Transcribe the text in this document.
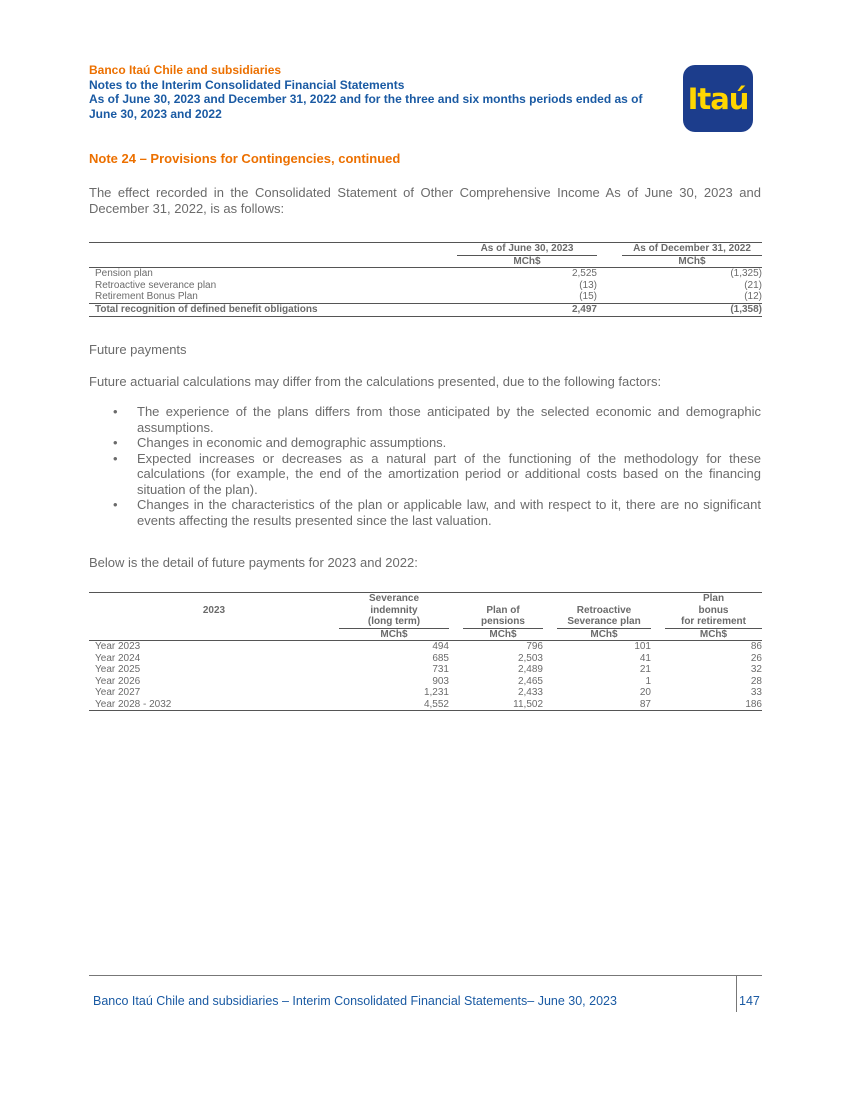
Banco Itaú Chile and subsidiaries
Notes to the Interim Consolidated Financial Statements
As of June 30, 2023 and December 31, 2022 and for the three and six months periods ended as of
June 30, 2023 and 2022	Itaú
Note 24 – Provisions for Contingencies, continued
The effect recorded in the Consolidated Statement of Other Comprehensive Income As of June 30, 2023 and December 31, 2022, is as follows:
	As of June 30, 2023		As of December 31, 2022
	MCh$		MCh$
Pension plan	2,525		(1,325)
Retroactive severance plan	(13)		(21)
Retirement Bonus Plan	(15)		(12)
Total recognition of defined benefit obligations	2,497		(1,358)
Future payments
Future actuarial calculations may differ from the calculations presented, due to the following factors:
• The experience of the plans differs from those anticipated by the selected economic and demographic assumptions.
• Changes in economic and demographic assumptions.
• Expected increases or decreases as a natural part of the functioning of the methodology for these calculations (for example, the end of the amortization period or additional costs based on the financing situation of the plan).
• Changes in the characteristics of the plan or applicable law, and with respect to it, there are no significant events affecting the results presented since the last valuation.
Below is the detail of future payments for 2023 and 2022:
	Severance						Plan
2023	indemnity		Plan of		Retroactive		bonus
	(long term)		pensions		Severance plan		for retirement
	MCh$		MCh$		MCh$		MCh$
Year 2023	494		796		101		86
Year 2024	685		2,503		41		26
Year 2025	731		2,489		21		32
Year 2026	903		2,465		1		28
Year 2027	1,231		2,433		20		33
Year 2028 - 2032	4,552		11,502		87		186
Banco Itaú Chile and subsidiaries – Interim Consolidated Financial Statements– June 30, 2023	147
